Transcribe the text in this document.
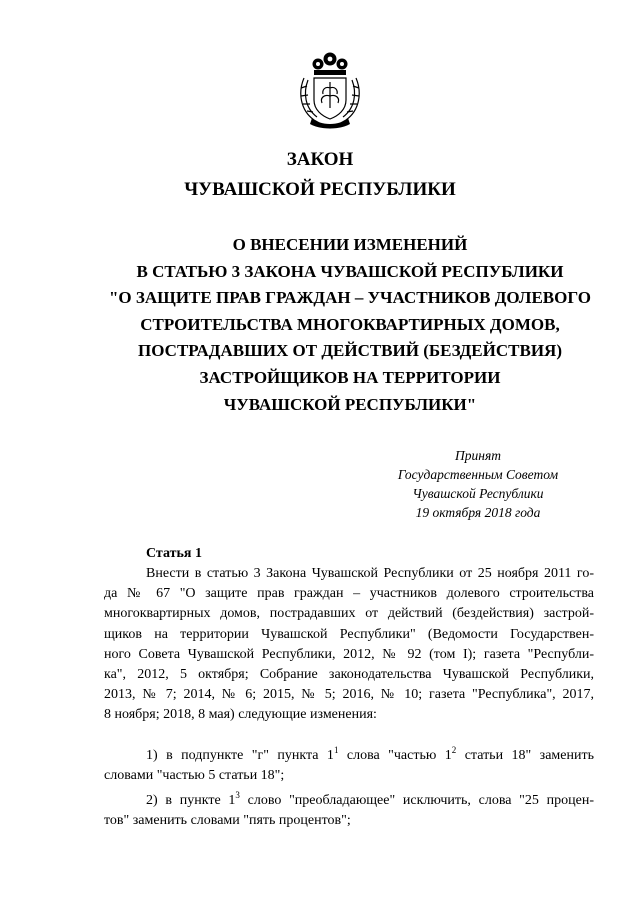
ЗАКОН
ЧУВАШСКОЙ РЕСПУБЛИКИ
О ВНЕСЕНИИ ИЗМЕНЕНИЙ
В СТАТЬЮ 3 ЗАКОНА ЧУВАШСКОЙ РЕСПУБЛИКИ
"О ЗАЩИТЕ ПРАВ ГРАЖДАН – УЧАСТНИКОВ ДОЛЕВОГО
СТРОИТЕЛЬСТВА МНОГОКВАРТИРНЫХ ДОМОВ,
ПОСТРАДАВШИХ ОТ ДЕЙСТВИЙ (БЕЗДЕЙСТВИЯ)
ЗАСТРОЙЩИКОВ НА ТЕРРИТОРИИ
ЧУВАШСКОЙ РЕСПУБЛИКИ"
Принят
Государственным Советом
Чувашской Республики
19 октября 2018 года
Статья 1
Внести в статью 3 Закона Чувашской Республики от 25 ноября 2011 го-
да № 67 "О защите прав граждан – участников долевого строительства
многоквартирных домов, пострадавших от действий (бездействия) застрой-
щиков на территории Чувашской Республики" (Ведомости Государствен-
ного Совета Чувашской Республики, 2012, № 92 (том I); газета "Республи-
ка", 2012, 5 октября; Собрание законодательства Чувашской Республики,
2013, № 7; 2014, № 6; 2015, № 5; 2016, № 10; газета "Республика", 2017,
8 ноября; 2018, 8 мая) следующие изменения:
1) в подпункте "г" пункта $1^1$ слова "частью $1^2$ статьи 18" заменить
словами "частью 5 статьи 18";
2) в пункте $1^3$ слово "преобладающее" исключить, слова "25 процен-
тов" заменить словами "пять процентов";
